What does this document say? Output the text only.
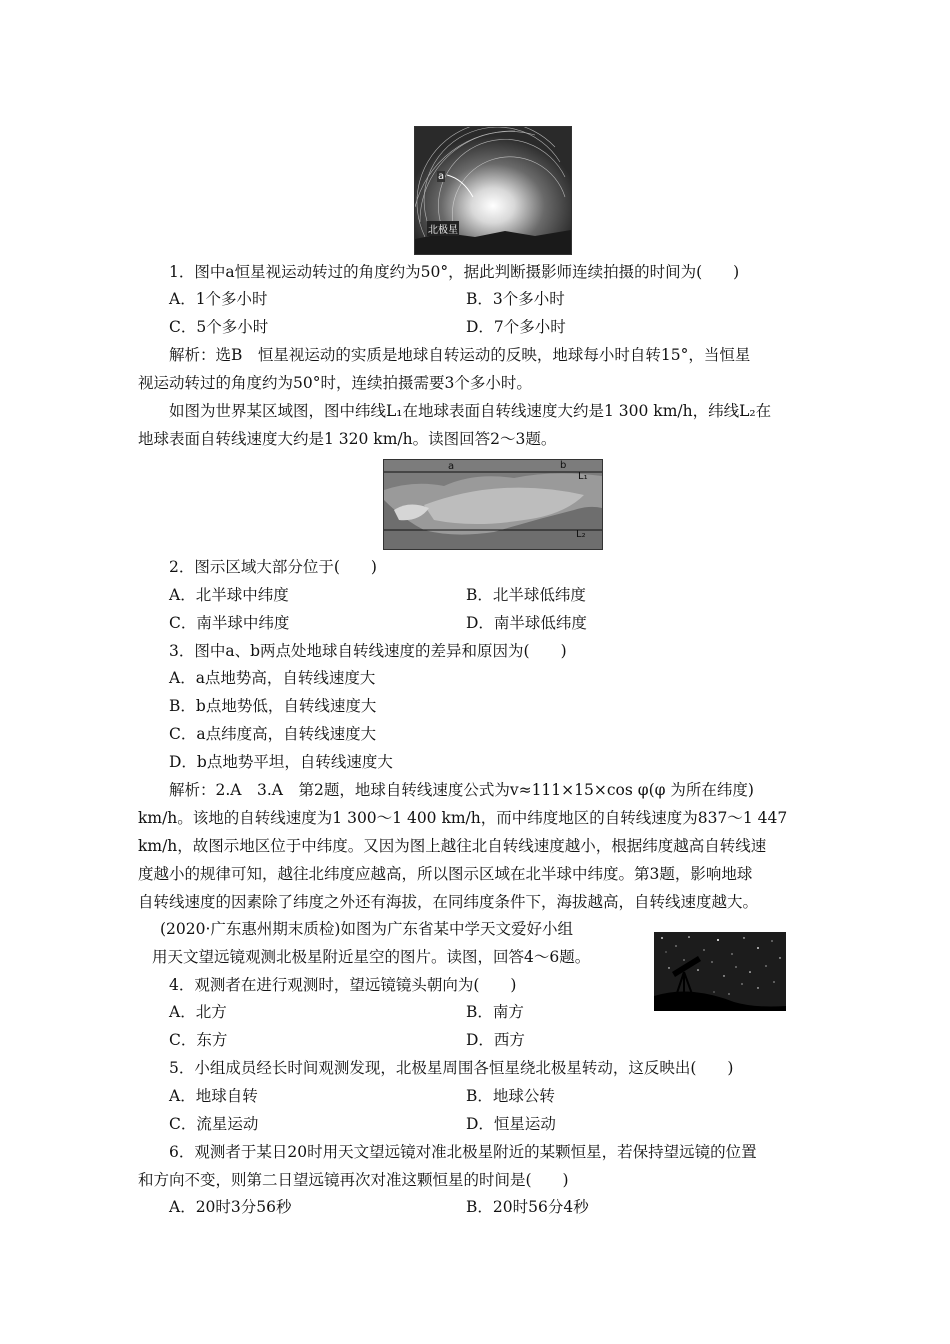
a
北极星
1．图中a恒星视运动转过的角度约为50°，据此判断摄影师连续拍摄的时间为(　　)
A．1个多小时	B．3个多小时
C．5个多小时	D．7个多小时
解析：选B　恒星视运动的实质是地球自转运动的反映，地球每小时自转15°，当恒星
视运动转过的角度约为50°时，连续拍摄需要3个多小时。
如图为世界某区域图，图中纬线L₁在地球表面自转线速度大约是1 300 km/h，纬线L₂在
地球表面自转线速度大约是1 320 km/h。读图回答2～3题。
a	b
L₁
L₂
2．图示区域大部分位于(　　)
A．北半球中纬度	B．北半球低纬度
C．南半球中纬度	D．南半球低纬度
3．图中a、b两点处地球自转线速度的差异和原因为(　　)
A．a点地势高，自转线速度大
B．b点地势低，自转线速度大
C．a点纬度高，自转线速度大
D．b点地势平坦，自转线速度大
解析：2.A　3.A　第2题，地球自转线速度公式为v≈111×15×cos φ(φ 为所在纬度)
km/h。该地的自转线速度为1 300～1 400 km/h，而中纬度地区的自转线速度为837～1 447
km/h，故图示地区位于中纬度。又因为图上越往北自转线速度越小，根据纬度越高自转线速
度越小的规律可知，越往北纬度应越高，所以图示区域在北半球中纬度。第3题，影响地球
自转线速度的因素除了纬度之外还有海拔，在同纬度条件下，海拔越高，自转线速度越大。
(2020·广东惠州期末质检)如图为广东省某中学天文爱好小组
用天文望远镜观测北极星附近星空的图片。读图，回答4～6题。
4．观测者在进行观测时，望远镜镜头朝向为(　　)
A．北方	B．南方
C．东方	D．西方
5．小组成员经长时间观测发现，北极星周围各恒星绕北极星转动，这反映出(　　)
A．地球自转	B．地球公转
C．流星运动	D．恒星运动
6．观测者于某日20时用天文望远镜对准北极星附近的某颗恒星，若保持望远镜的位置
和方向不变，则第二日望远镜再次对准这颗恒星的时间是(　　)
A．20时3分56秒	B．20时56分4秒
